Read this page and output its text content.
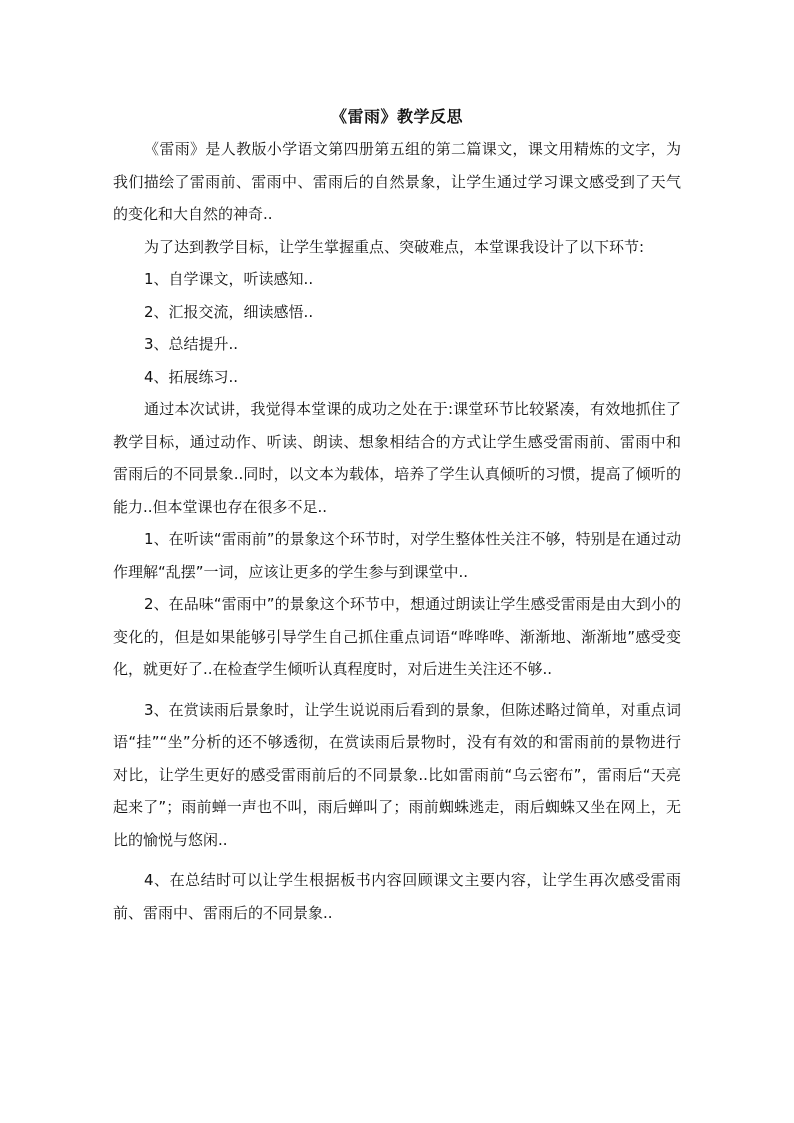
《雷雨》教学反思

《雷雨》是人教版小学语文第四册第五组的第二篇课文，课文用精炼的文字，为我们描绘了雷雨前、雷雨中、雷雨后的自然景象，让学生通过学习课文感受到了天气的变化和大自然的神奇..

为了达到教学目标，让学生掌握重点、突破难点，本堂课我设计了以下环节:

1、自学课文，听读感知..

2、汇报交流，细读感悟..

3、总结提升..

4、拓展练习..

通过本次试讲，我觉得本堂课的成功之处在于:课堂环节比较紧凑，有效地抓住了教学目标，通过动作、听读、朗读、想象相结合的方式让学生感受雷雨前、雷雨中和雷雨后的不同景象..同时，以文本为载体，培养了学生认真倾听的习惯，提高了倾听的能力..但本堂课也存在很多不足..

1、在听读“雷雨前”的景象这个环节时，对学生整体性关注不够，特别是在通过动作理解“乱摆”一词，应该让更多的学生参与到课堂中..

2、在品味“雷雨中”的景象这个环节中，想通过朗读让学生感受雷雨是由大到小的变化的，但是如果能够引导学生自己抓住重点词语“哗哗哗、渐渐地、渐渐地”感受变化，就更好了..在检查学生倾听认真程度时，对后进生关注还不够..

3、在赏读雨后景象时，让学生说说雨后看到的景象，但陈述略过简单，对重点词语“挂”“坐”分析的还不够透彻，在赏读雨后景物时，没有有效的和雷雨前的景物进行对比，让学生更好的感受雷雨前后的不同景象..比如雷雨前“乌云密布”，雷雨后“天亮起来了”；雨前蝉一声也不叫，雨后蝉叫了；雨前蜘蛛逃走，雨后蜘蛛又坐在网上，无比的愉悦与悠闲..

4、在总结时可以让学生根据板书内容回顾课文主要内容，让学生再次感受雷雨前、雷雨中、雷雨后的不同景象..
